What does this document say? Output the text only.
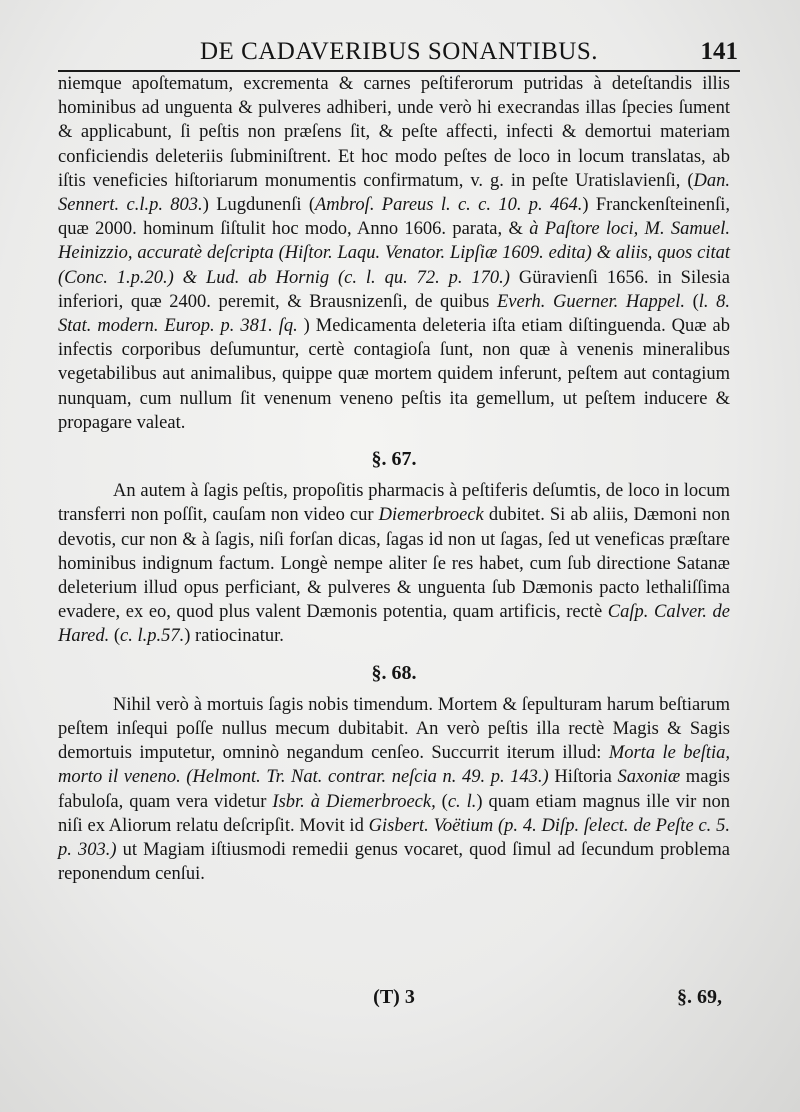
DE CADAVERIBUS SONANTIBUS.	141

niemque apoſtematum, excrementa & carnes peſtiferorum putridas à deteſtandis illis hominibus ad unguenta & pulveres adhiberi, unde verò hi execrandas illas ſpecies ſument & applicabunt, ſi peſtis non præſens ſit, & peſte affecti, infecti & demortui materiam conficiendis deleteriis ſubminiſtrent. Et hoc modo peſtes de loco in locum translatas, ab iſtis veneficies hiſtoriarum monumentis confirmatum, v. g. in peſte Uratislavienſi, (Dan. Sennert. c.l.p. 803.) Lugdunenſi (Ambroſ. Pareus l. c. c. 10. p. 464.) Franckenſteinenſi, quæ 2000. hominum ſiſtulit hoc modo, Anno 1606. parata, & à Paſtore loci, M. Samuel. Heinizzio, accuratè deſcripta (Hiſtor. Laqu. Venator. Lipſiæ 1609. edita) & aliis, quos citat (Conc. 1.p.20.) & Lud. ab Hornig (c. l. qu. 72. p. 170.) Güravienſi 1656. in Silesia inferiori, quæ 2400. peremit, & Brausnizenſi, de quibus Everh. Guerner. Happel. (l. 8. Stat. modern. Europ. p. 381. ſq. ) Medicamenta deleteria iſta etiam diſtinguenda. Quæ ab infectis corporibus deſumuntur, certè contagioſa ſunt, non quæ à venenis mineralibus vegetabilibus aut animalibus, quippe quæ mortem quidem inferunt, peſtem aut contagium nunquam, cum nullum ſit venenum veneno peſtis ita gemellum, ut peſtem inducere & propagare valeat.

§. 67.

An autem à ſagis peſtis, propoſitis pharmacis à peſtiferis deſumtis, de loco in locum transferri non poſſit, cauſam non video cur Diemerbroeck dubitet. Si ab aliis, Dæmoni non devotis, cur non & à ſagis, niſi forſan dicas, ſagas id non ut ſagas, ſed ut veneficas præſtare hominibus indignum factum. Longè nempe aliter ſe res habet, cum ſub directione Satanæ deleterium illud opus perficiant, & pulveres & unguenta ſub Dæmonis pacto lethaliſſima evadere, ex eo, quod plus valent Dæmonis potentia, quam artificis, rectè Caſp. Calver. de Hared. (c. l.p.57.) ratiocinatur.

§. 68.

Nihil verò à mortuis ſagis nobis timendum. Mortem & ſepulturam harum beſtiarum peſtem inſequi poſſe nullus mecum dubitabit. An verò peſtis illa rectè Magis & Sagis demortuis imputetur, omninò negandum cenſeo. Succurrit iterum illud: Morta le beſtia, morto il veneno. (Helmont. Tr. Nat. contrar. neſcia n. 49. p. 143.) Hiſtoria Saxoniæ magis fabuloſa, quam vera videtur Isbr. à Diemerbroeck, (c. l.) quam etiam magnus ille vir non niſi ex Aliorum relatu deſcripſit. Movit id Gisbert. Voëtium (p. 4. Diſp. ſelect. de Peſte c. 5. p. 303.) ut Magiam iſtiusmodi remedii genus vocaret, quod ſimul ad ſecundum problema reponendum cenſui.

(T) 3	§. 69,
